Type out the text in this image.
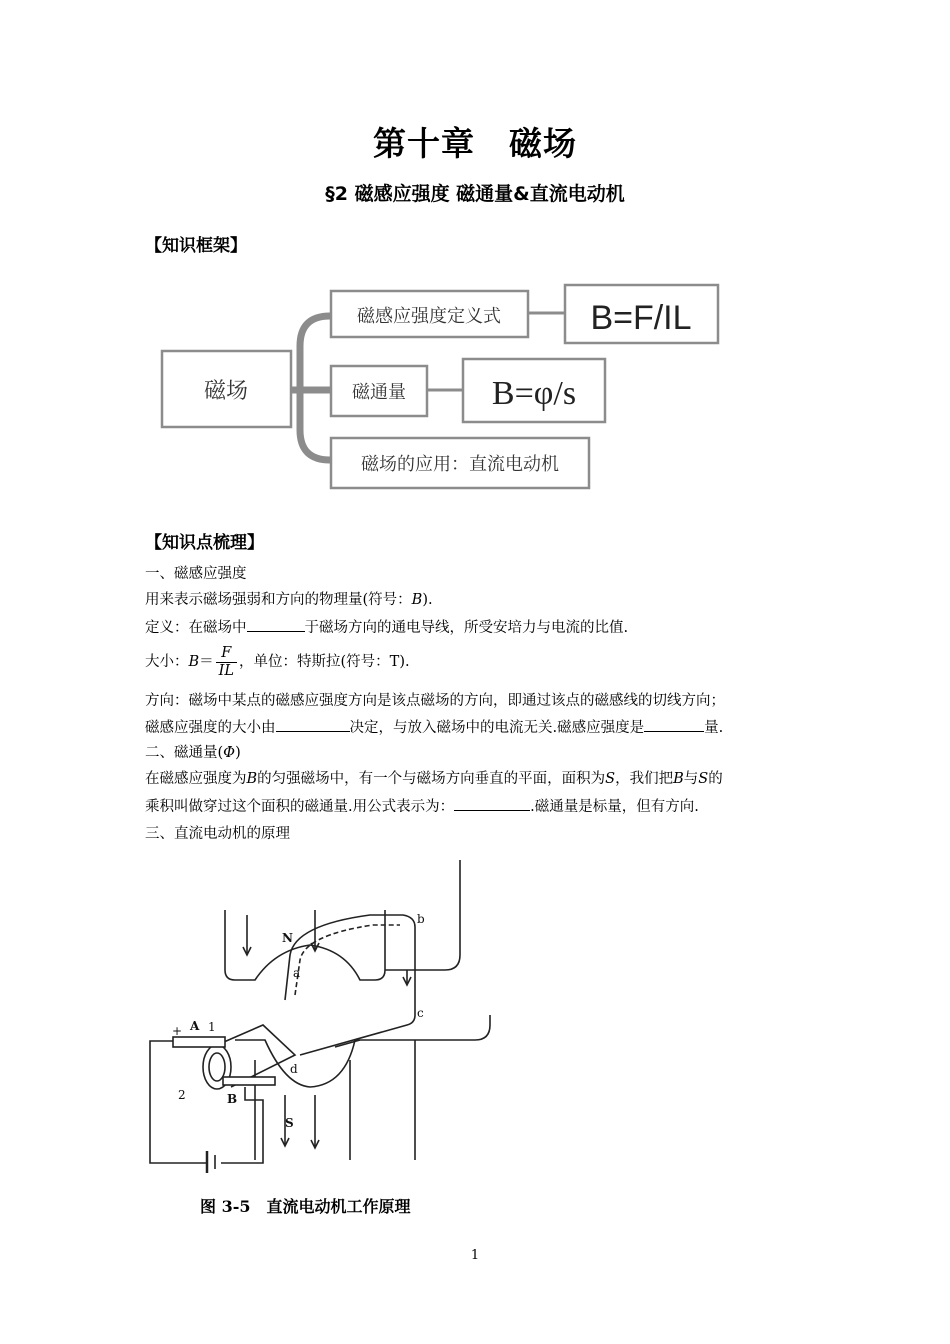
第十章　磁场
§2 磁感应强度 磁通量&直流电动机
【知识框架】
磁场
磁感应强度定义式	B=F/IL
磁通量	B=φ/s
磁场的应用：直流电动机
【知识点梳理】
一、磁感应强度
用来表示磁场强弱和方向的物理量(符号：B).
定义：在磁场中	于磁场方向的通电导线，所受安培力与电流的比值.
大小：$B= \frac{F}{IL}$ ，单位：特斯拉(符号：T).
方向：磁场中某点的磁感应强度方向是该点磁场的方向，即通过该点的磁感线的切线方向；
磁感应强度的大小由	决定，与放入磁场中的电流无关.磁感应强度是	量.
二、磁通量(Φ)
在磁感应强度为B的匀强磁场中，有一个与磁场方向垂直的平面，面积为S，我们把B与S的
乘积叫做穿过这个面积的磁通量.用公式表示为：	.磁通量是标量，但有方向.
三、直流电动机的原理
N
S
a
b
c
d
A
B
1
2
+
图 3-5　直流电动机工作原理
1
